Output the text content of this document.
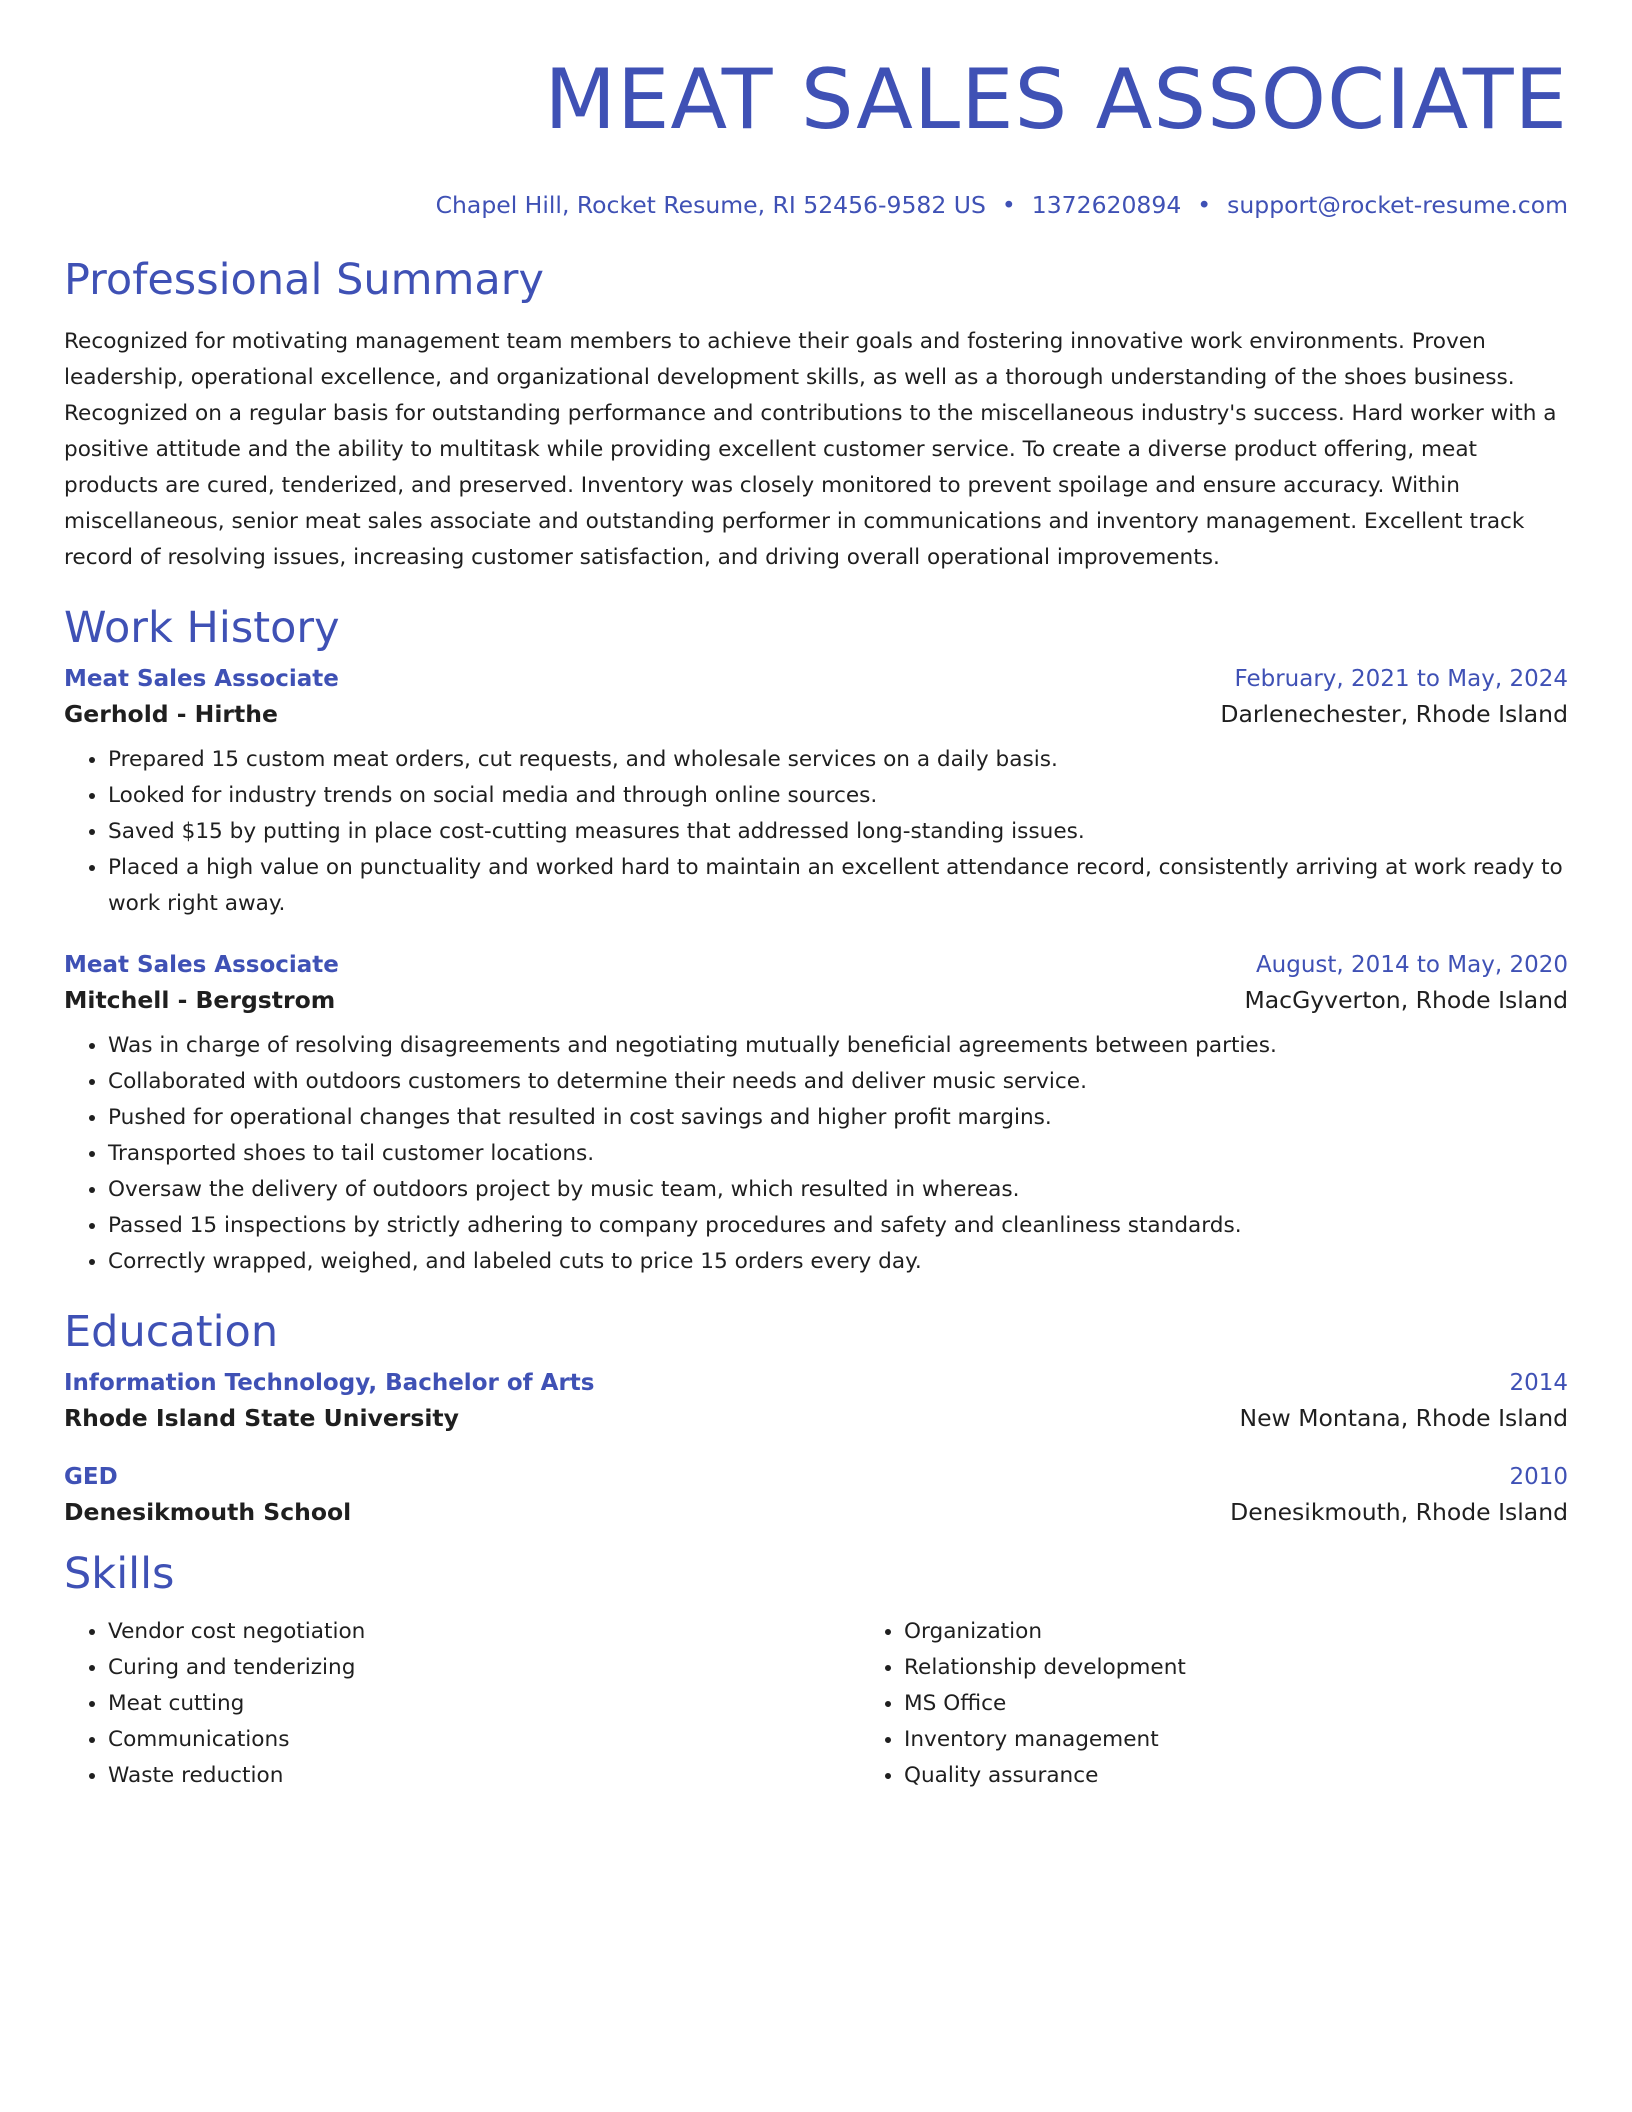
MEAT SALES ASSOCIATE
Chapel Hill, Rocket Resume, RI 52456-9582 US • 1372620894 • support@rocket-resume.com
Professional Summary
Recognized for motivating management team members to achieve their goals and fostering innovative work environments. Proven leadership, operational excellence, and organizational development skills, as well as a thorough understanding of the shoes business. Recognized on a regular basis for outstanding performance and contributions to the miscellaneous industry's success. Hard worker with a positive attitude and the ability to multitask while providing excellent customer service. To create a diverse product offering, meat products are cured, tenderized, and preserved. Inventory was closely monitored to prevent spoilage and ensure accuracy. Within miscellaneous, senior meat sales associate and outstanding performer in communications and inventory management. Excellent track record of resolving issues, increasing customer satisfaction, and driving overall operational improvements.
Work History
Meat Sales Associate	February, 2021 to May, 2024
Gerhold - Hirthe	Darlenechester, Rhode Island
• Prepared 15 custom meat orders, cut requests, and wholesale services on a daily basis.
• Looked for industry trends on social media and through online sources.
• Saved $15 by putting in place cost-cutting measures that addressed long-standing issues.
• Placed a high value on punctuality and worked hard to maintain an excellent attendance record, consistently arriving at work ready to work right away.
Meat Sales Associate	August, 2014 to May, 2020
Mitchell - Bergstrom	MacGyverton, Rhode Island
• Was in charge of resolving disagreements and negotiating mutually beneficial agreements between parties.
• Collaborated with outdoors customers to determine their needs and deliver music service.
• Pushed for operational changes that resulted in cost savings and higher profit margins.
• Transported shoes to tail customer locations.
• Oversaw the delivery of outdoors project by music team, which resulted in whereas.
• Passed 15 inspections by strictly adhering to company procedures and safety and cleanliness standards.
• Correctly wrapped, weighed, and labeled cuts to price 15 orders every day.
Education
Information Technology, Bachelor of Arts	2014
Rhode Island State University	New Montana, Rhode Island
GED	2010
Denesikmouth School	Denesikmouth, Rhode Island
Skills
• Vendor cost negotiation
• Curing and tenderizing
• Meat cutting
• Communications
• Waste reduction
• Organization
• Relationship development
• MS Office
• Inventory management
• Quality assurance
